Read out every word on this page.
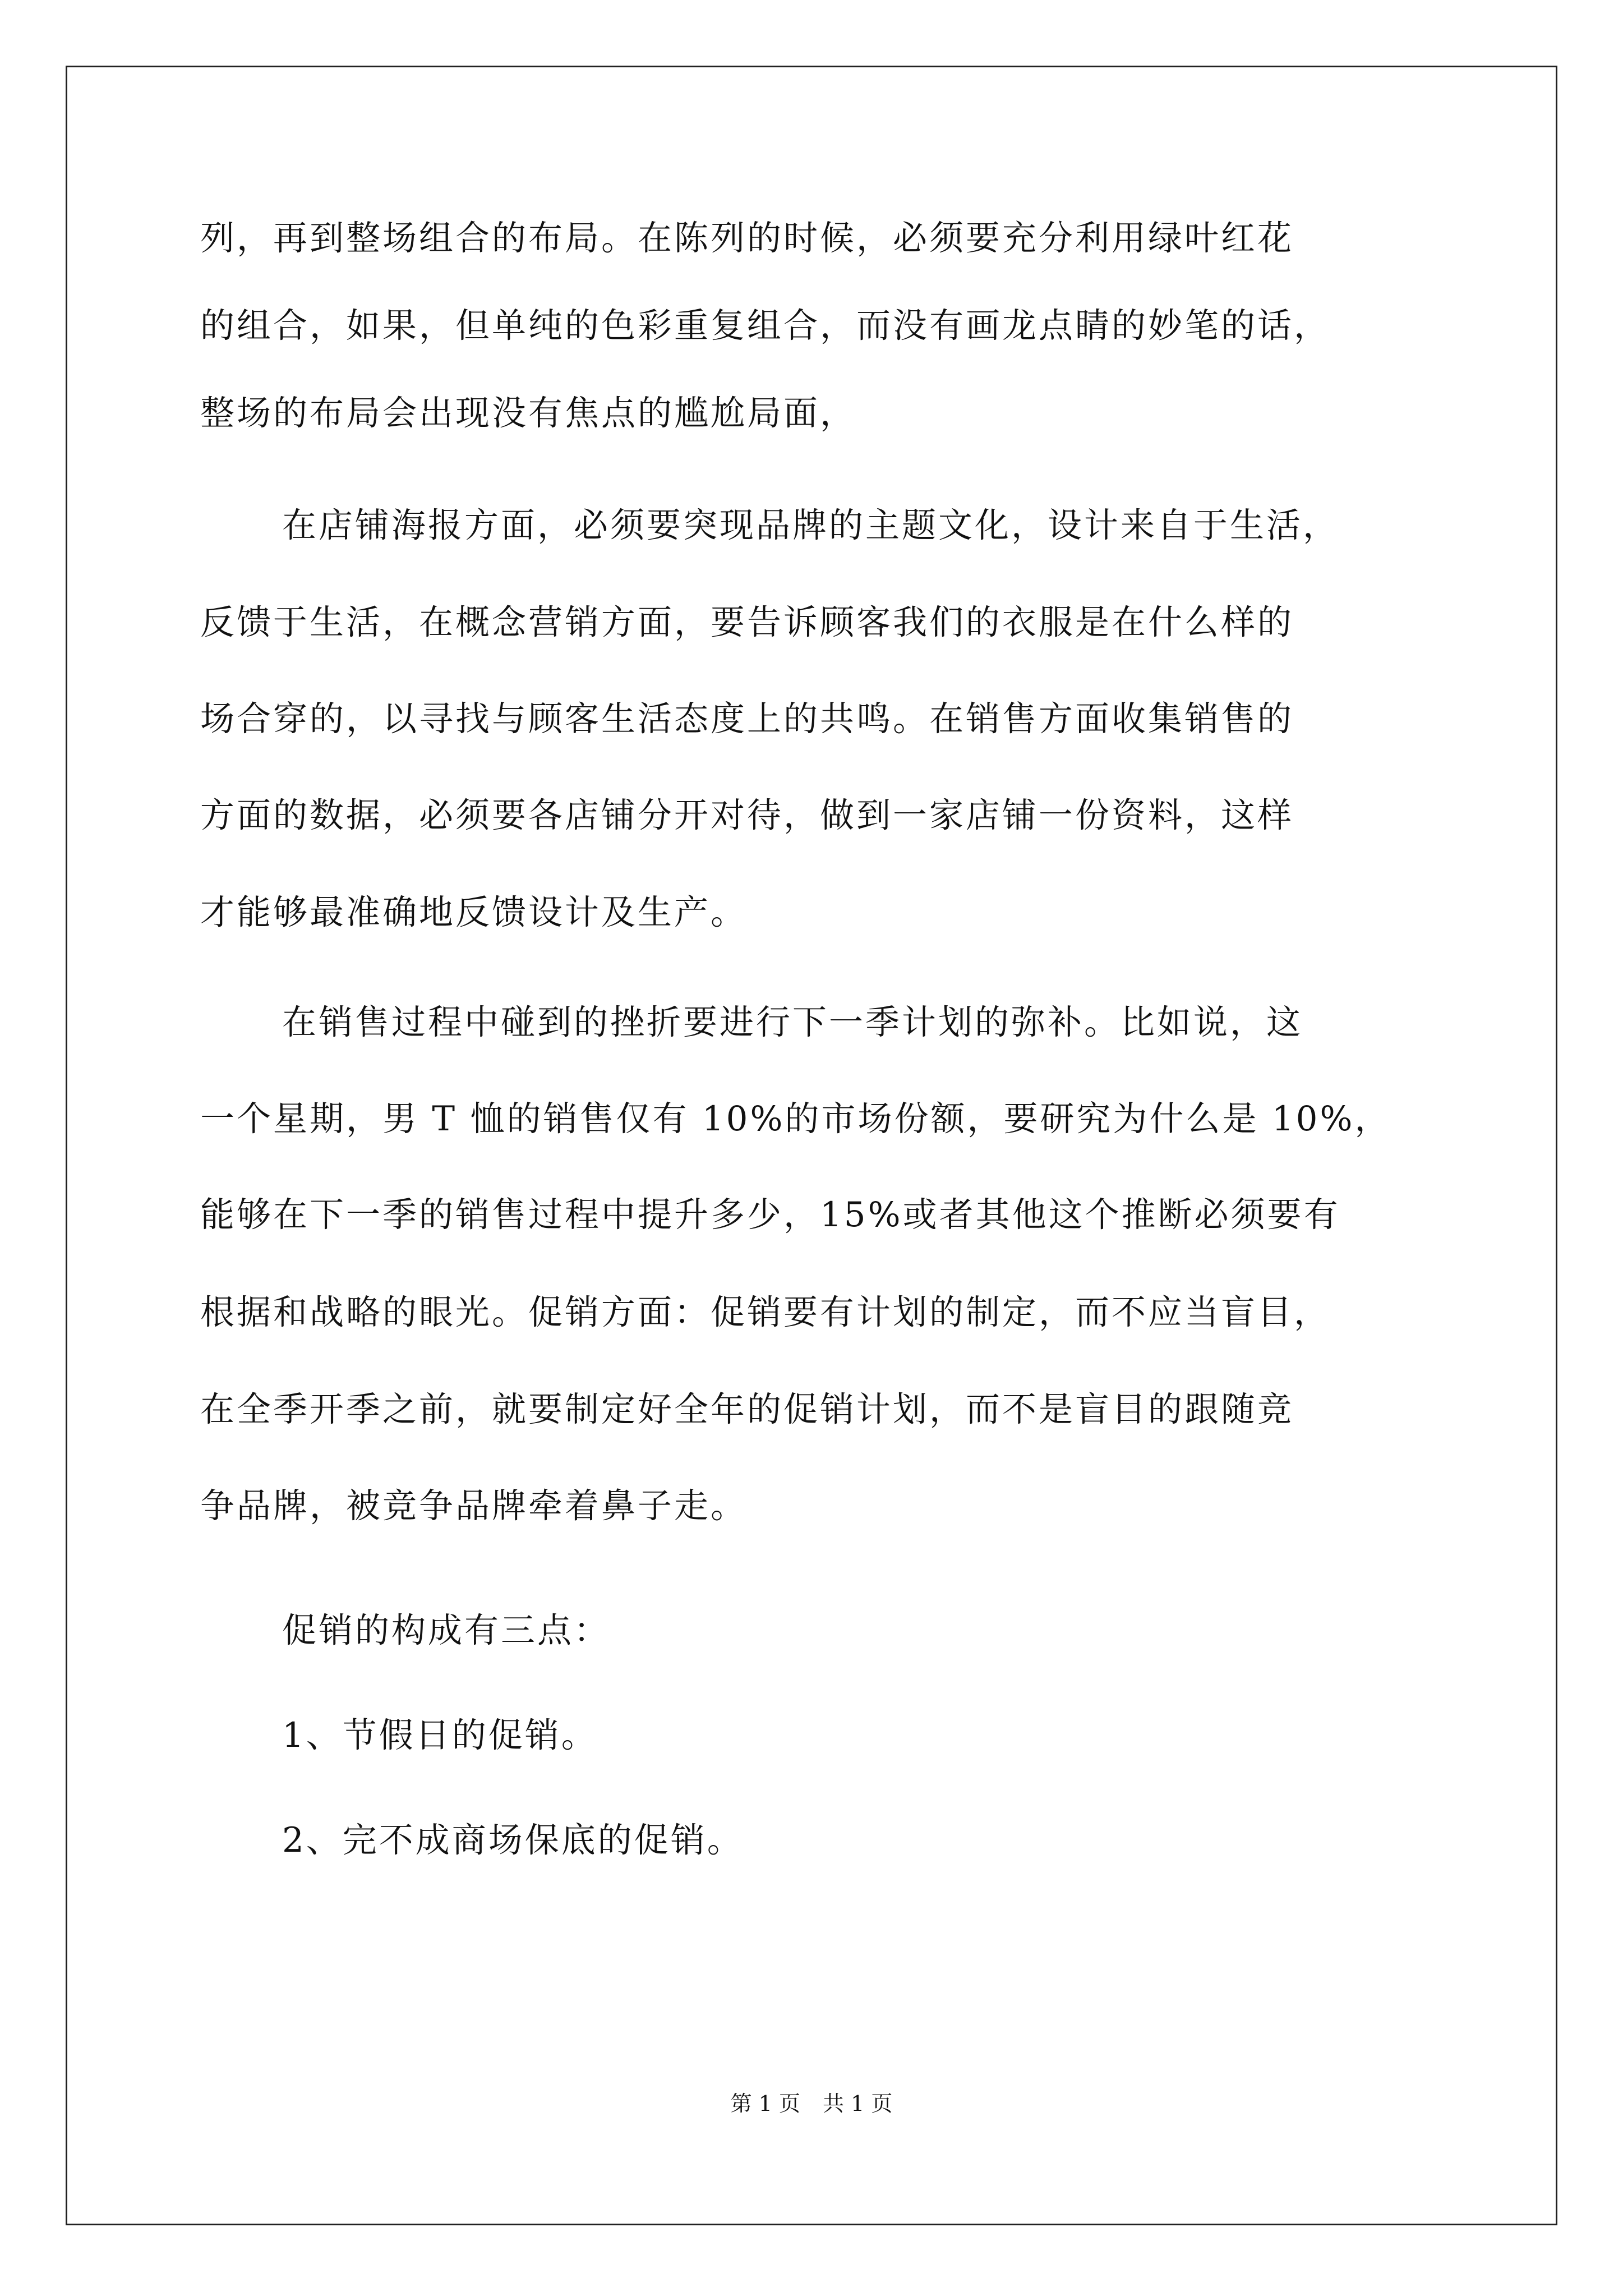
列，再到整场组合的布局。在陈列的时候，必须要充分利用绿叶红花
的组合，如果，但单纯的色彩重复组合，而没有画龙点睛的妙笔的话，
整场的布局会出现没有焦点的尴尬局面，
在店铺海报方面，必须要突现品牌的主题文化，设计来自于生活，
反馈于生活，在概念营销方面，要告诉顾客我们的衣服是在什么样的
场合穿的，以寻找与顾客生活态度上的共鸣。在销售方面收集销售的
方面的数据，必须要各店铺分开对待，做到一家店铺一份资料，这样
才能够最准确地反馈设计及生产。
在销售过程中碰到的挫折要进行下一季计划的弥补。比如说，这
一个星期，男 T 恤的销售仅有 10%的市场份额，要研究为什么是 10%，
能够在下一季的销售过程中提升多少，15%或者其他这个推断必须要有
根据和战略的眼光。促销方面：促销要有计划的制定，而不应当盲目，
在全季开季之前，就要制定好全年的促销计划，而不是盲目的跟随竞
争品牌，被竞争品牌牵着鼻子走。
促销的构成有三点：
1、节假日的促销。
2、完不成商场保底的促销。
第 1 页 共 1 页
